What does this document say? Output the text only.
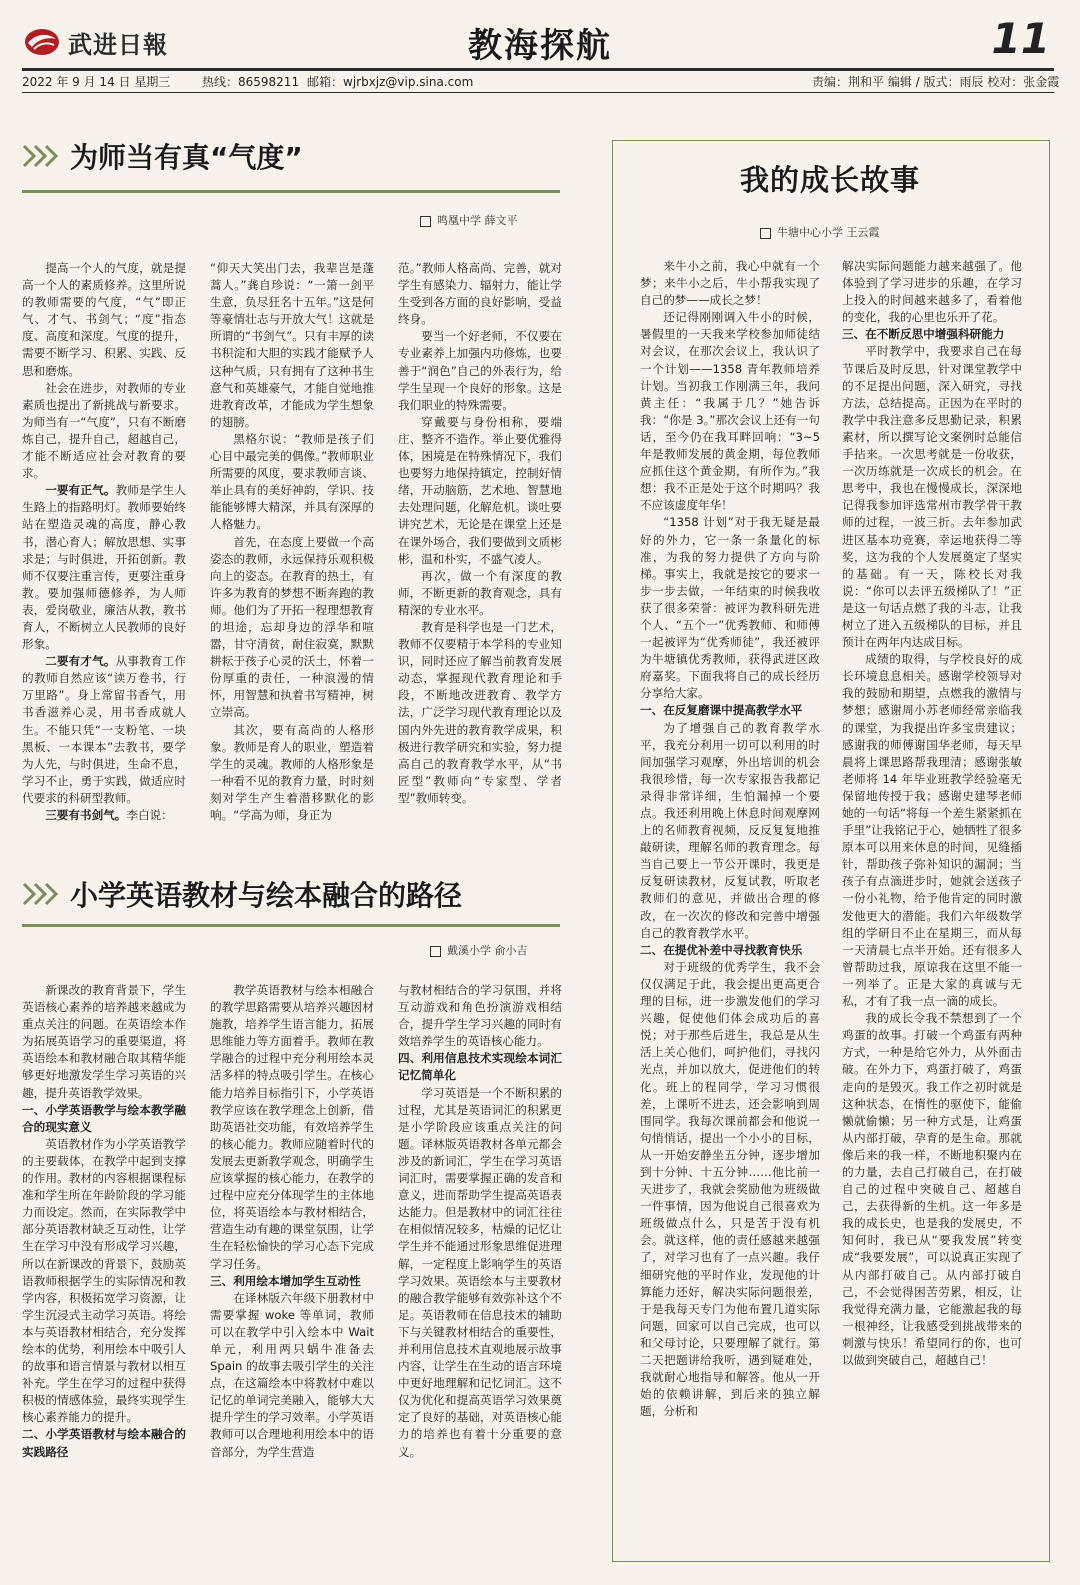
武进日報	教海探航	11
2022 年 9 月 14 日 星期三	热线：86598211 邮箱：wjrbxjz@vip.sina.com	责编：荆和平 编辑 / 版式：雨辰 校对：张金霞
为师当有真“气度”
鸣凰中学 薛文平

提高一个人的气度，就是提高一个人的素质修养。这里所说的教师需要的气度，“气”即正气、才气、书剑气；“度”指态度、高度和深度。气度的提升，需要不断学习、积累、实践、反思和磨炼。

社会在进步，对教师的专业素质也提出了新挑战与新要求。为师当有一“气度”，只有不断磨炼自己，提升自己，超越自己，才能不断适应社会对教育的要求。

一要有正气。教师是学生人生路上的指路明灯。教师要始终站在塑造灵魂的高度，静心教书，潜心育人；解放思想、实事求是；与时俱进，开拓创新。教师不仅要注重言传，更要注重身教。要加强师德修养，为人师表，爱岗敬业，廉洁从教，教书育人，不断树立人民教师的良好形象。

二要有才气。从事教育工作的教师自然应该“读万卷书，行万里路”。身上常留书香气，用书香滋养心灵，用书香成就人生。不能只凭“一支粉笔、一块黑板、一本课本”去教书，要学为人先，与时俱进，生命不息，学习不止，勇于实践，做适应时代要求的科研型教师。

三要有书剑气。李白说：

“仰天大笑出门去，我辈岂是蓬蒿人。”龚自珍说：“一箫一剑平生意，负尽狂名十五年。”这是何等豪情壮志与开放大气！这就是所谓的“书剑气”。只有丰厚的读书积淀和大胆的实践才能赋予人这种气质，只有拥有了这种书生意气和英雄豪气，才能自觉地推进教育改革，才能成为学生想象的翅膀。

黑格尔说：“教师是孩子们心目中最完美的偶像。”教师职业所需要的风度，要求教师言谈、举止具有的美好神韵，学识、技能能够博大精深，并具有深厚的人格魅力。

首先，在态度上要做一个高姿态的教师，永远保持乐观积极向上的姿态。在教育的热土，有许多为教育的梦想不断奔跑的教师。他们为了开拓一程理想教育的坦途，忘却身边的浮华和喧嚣，甘守清贫，耐住寂寞，默默耕耘于孩子心灵的沃土，怀着一份厚重的责任，一种浪漫的情怀，用智慧和执着书写精神，树立崇高。

其次，要有高尚的人格形象。教师是育人的职业，塑造着学生的灵魂。教师的人格形象是一种看不见的教育力量，时时刻刻对学生产生着潜移默化的影响。“学高为师，身正为

范。”教师人格高尚、完善，就对学生有感染力、辐射力，能让学生受到各方面的良好影响，受益终身。

要当一个好老师，不仅要在专业素养上加强内功修炼，也要善于“润色”自己的外表行为，给学生呈现一个良好的形象。这是我们职业的特殊需要。

穿戴要与身份相称，要端庄、整齐不造作。举止要优雅得体，困境是在特殊情况下，我们也要努力地保持镇定，控制好情绪，开动脑筋，艺术地、智慧地去处理问题，化解危机。谈吐要讲究艺术，无论是在课堂上还是在课外场合，我们要做到文质彬彬，温和朴实，不盛气凌人。

再次，做一个有深度的教师，不断更新的教育观念，具有精深的专业水平。

教育是科学也是一门艺术，教师不仅要精于本学科的专业知识，同时还应了解当前教育发展动态，掌握现代教育理论和手段，不断地改进教育、教学方法，广泛学习现代教育理论以及国内外先进的教育教学成果，积极进行教学研究和实验，努力提高自己的教育教学水平，从“书匠型”教师向“专家型、学者型”教师转变。

小学英语教材与绘本融合的路径
戴溪小学 俞小吉

新课改的教育背景下，学生英语核心素养的培养越来越成为重点关注的问题。在英语绘本作为拓展英语学习的重要渠道，将英语绘本和教材融合取其精华能够更好地激发学生学习英语的兴趣，提升英语教学效果。

一、小学英语教学与绘本教学融合的现实意义

英语教材作为小学英语教学的主要载体，在教学中起到支撑的作用。教材的内容根据课程标准和学生所在年龄阶段的学习能力而设定。然而，在实际教学中部分英语教材缺乏互动性，让学生在学习中没有形成学习兴趣，所以在新课改的背景下，鼓励英语教师根据学生的实际情况和教学内容，积极拓宽学习资源，让学生沉浸式主动学习英语。将绘本与英语教材相结合，充分发挥绘本的优势，利用绘本中吸引人的故事和语言情景与教材以相互补充。学生在学习的过程中获得积极的情感体验，最终实现学生核心素养能力的提升。

二、小学英语教材与绘本融合的实践路径

教学英语教材与绘本相融合的教学思路需要从培养兴趣因材施教，培养学生语言能力，拓展思维能力等方面着手。教师在教学融合的过程中充分利用绘本灵活多样的特点吸引学生。在核心能力培养目标指引下，小学英语教学应该在教学理念上创新，借助英语社交功能，有效培养学生的核心能力。教师应随着时代的发展去更新教学观念，明确学生应该掌握的核心能力，在教学的过程中应充分体现学生的主体地位，将英语绘本与教材相结合，营造生动有趣的课堂氛围，让学生在轻松愉快的学习心态下完成学习任务。

三、利用绘本增加学生互动性

在译林版六年级下册教材中需要掌握 woke 等单词，教师可以在教学中引入绘本中 Wait 单元，利用两只蜗牛准备去 Spain 的故事去吸引学生的关注点，在这篇绘本中将教材中难以记忆的单词完美融入，能够大大提升学生的学习效率。小学英语教师可以合理地利用绘本中的语音部分，为学生营造

与教材相结合的学习氛围，并将互动游戏和角色扮演游戏相结合，提升学生学习兴趣的同时有效培养学生的英语核心能力。

四、利用信息技术实现绘本词汇记忆简单化

学习英语是一个不断积累的过程，尤其是英语词汇的积累更是小学阶段应该重点关注的问题。译林版英语教材各单元都会涉及的新词汇，学生在学习英语词汇时，需要掌握正确的发音和意义，进而帮助学生提高英语表达能力。但是教材中的词汇往往在相似情况较多，枯燥的记忆让学生并不能通过形象思维促进理解，一定程度上影响学生的英语学习效果。英语绘本与主要教材的融合教学能够有效弥补这个不足。英语教师在信息技术的辅助下与关键教材相结合的重要性，并利用信息技术直观地展示故事内容，让学生在生动的语言环境中更好地理解和记忆词汇。这不仅为优化和提高英语学习效果奠定了良好的基础，对英语核心能力的培养也有着十分重要的意义。

我的成长故事
牛塘中心小学 王云霞

来牛小之前，我心中就有一个梦；来牛小之后，牛小帮我实现了自己的梦——成长之梦！

还记得刚刚调入牛小的时候，暑假里的一天我来学校参加师徒结对会议，在那次会议上，我认识了一个计划——1358 青年教师培养计划。当初我工作刚满三年，我问黄主任：“我属于几？”她告诉我：“你是 3。”那次会议上还有一句话，至今仍在我耳畔回响：“3~5 年是教师发展的黄金期，每位教师应抓住这个黄金期，有所作为。”我想：我不正是处于这个时期吗？我不应该虚度年华！

“1358 计划”对于我无疑是最好的外力，它一条一条量化的标准，为我的努力提供了方向与阶梯。事实上，我就是按它的要求一步一步去做，一年结束的时候我收获了很多荣誉：被评为教科研先进个人、“五个一”优秀教师、和师傅一起被评为“优秀师徒”，我还被评为牛塘镇优秀教师，获得武进区政府嘉奖。下面我将自己的成长经历分享给大家。

一、在反复磨课中提高教学水平

为了增强自己的教育教学水平，我充分利用一切可以利用的时间加强学习观摩，外出培训的机会我很珍惜，每一次专家报告我都记录得非常详细，生怕漏掉一个要点。我还利用晚上休息时间观摩网上的名师教育视频，反反复复地推敲研读，理解名师的教育理念。每当自己要上一节公开课时，我更是反复研读教材，反复试教，听取老教师们的意见，并做出合理的修改，在一次次的修改和完善中增强自己的教育教学水平。

二、在提优补差中寻找教育快乐

对于班级的优秀学生，我不会仅仅满足于此，我会提出更高更合理的目标，进一步激发他们的学习兴趣，促使他们体会成功后的喜悦；对于那些后进生，我总是从生活上关心他们，呵护他们，寻找闪光点，并加以放大，促进他们的转化。班上的程同学，学习习惯很差，上课听不进去，还会影响到周围同学。我每次课前都会和他说一句悄悄话，提出一个小小的目标，从一开始安静坐五分钟，逐步增加到十分钟、十五分钟……他比前一天进步了，我就会奖励他为班级做一件事情，因为他说自己很喜欢为班级做点什么，只是苦于没有机会。就这样，他的责任感越来越强了，对学习也有了一点兴趣。我仔细研究他的平时作业，发现他的计算能力还好，解决实际问题很差，于是我每天专门为他布置几道实际问题，回家可以自己完成，也可以和父母讨论，只要理解了就行。第二天把题讲给我听，遇到疑难处，我就耐心地指导和解答。他从一开始的依赖讲解，到后来的独立解题，分析和

解决实际问题能力越来越强了。他体验到了学习进步的乐趣，在学习上投入的时间越来越多了，看着他的变化，我的心里也乐开了花。

三、在不断反思中增强科研能力

平时教学中，我要求自己在每节课后及时反思，针对课堂教学中的不足提出问题，深入研究，寻找方法，总结提高。正因为在平时的教学中我注意多反思勤记录，积累素材，所以撰写论文案例时总能信手拈来。一次思考就是一份收获，一次历练就是一次成长的机会。在思考中，我也在慢慢成长，深深地记得我参加评选常州市教学骨干教师的过程，一波三折。去年参加武进区基本功竞赛，幸运地获得二等奖，这为我的个人发展奠定了坚实的基础。有一天，陈校长对我说：“你可以去评五级梯队了！”正是这一句话点燃了我的斗志，让我树立了进入五级梯队的目标，并且预计在两年内达成目标。

成绩的取得，与学校良好的成长环境息息相关。感谢学校领导对我的鼓励和期望，点燃我的激情与梦想；感谢周小苏老师经常亲临我的课堂，为我提出许多宝贵建议；感谢我的师傅谢国华老师，每天早晨将上课思路帮我理清；感谢张敏老师将 14 年毕业班教学经验毫无保留地传授于我；感谢史建琴老师她的一句话“将每一个差生紧紧抓在手里”让我铭记于心，她牺牲了很多原本可以用来休息的时间，见缝插针，帮助孩子弥补知识的漏洞；当孩子有点滴进步时，她就会送孩子一份小礼物，给予他肯定的同时激发他更大的潜能。我们六年级数学组的学研日不止在星期三，而从每一天清晨七点半开始。还有很多人曾帮助过我，原谅我在这里不能一一列举了。正是大家的真诚与无私，才有了我一点一滴的成长。

我的成长令我不禁想到了一个鸡蛋的故事。打破一个鸡蛋有两种方式，一种是给它外力，从外面击破。在外力下，鸡蛋打破了，鸡蛋走向的是毁灭。我工作之初时就是这种状态，在惰性的驱使下，能偷懒就偷懒；另一种方式是，让鸡蛋从内部打破，孕育的是生命。那就像后来的我一样，不断地积聚内在的力量，去自己打破自己，在打破自己的过程中突破自己、超越自己，去获得新的生机。这一年多是我的成长史，也是我的发展史，不知何时，我已从“要我发展”转变成“我要发展”，可以说真正实现了从内部打破自己。从内部打破自己，不会觉得困苦劳累，相反，让我觉得充满力量，它能激起我的每一根神经，让我感受到挑战带来的刺激与快乐！希望同行的你，也可以做到突破自己，超越自己！
